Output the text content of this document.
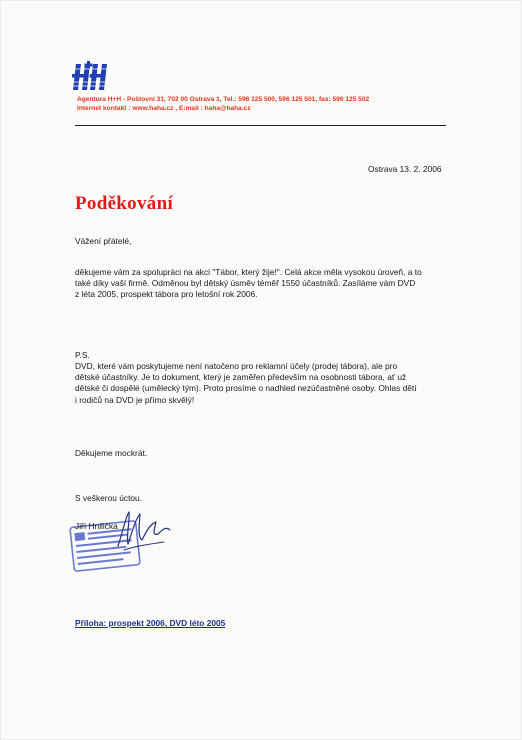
Agentura H+H - Poštovní 31, 702 00 Ostrava 1, Tel.: 596 125 500, 596 125 501, fax: 596 125 502
Internet kontakt : www.haha.cz , E:mail : haha@haha.cz
Ostrava 13. 2. 2006
Poděkování
Vážení přátelé,
děkujeme vám za spolupráci na akci "Tábor, který žije!". Celá akce měla vysokou úroveň, a to
také díky vaší firmě. Odměnou byl dětský úsměv téměř 1550 účastníků. Zasíláme vám DVD
z léta 2005, prospekt tábora pro letošní rok 2006.
P.S.
DVD, které vám poskytujeme není natočeno pro reklamní účely (prodej tábora), ale pro
dětské účastníky. Je to dokument, který je zaměřen především na osobnosti tábora, ať už
dětské či dospělé (umělecký tým). Proto prosíme o nadhled nezúčastněné osoby. Ohlas dětí
i rodičů na DVD je přímo skvělý!
Děkujeme mockrát.
S veškerou úctou.
Jiří Hnilička
Příloha: prospekt 2006, DVD léto 2005
